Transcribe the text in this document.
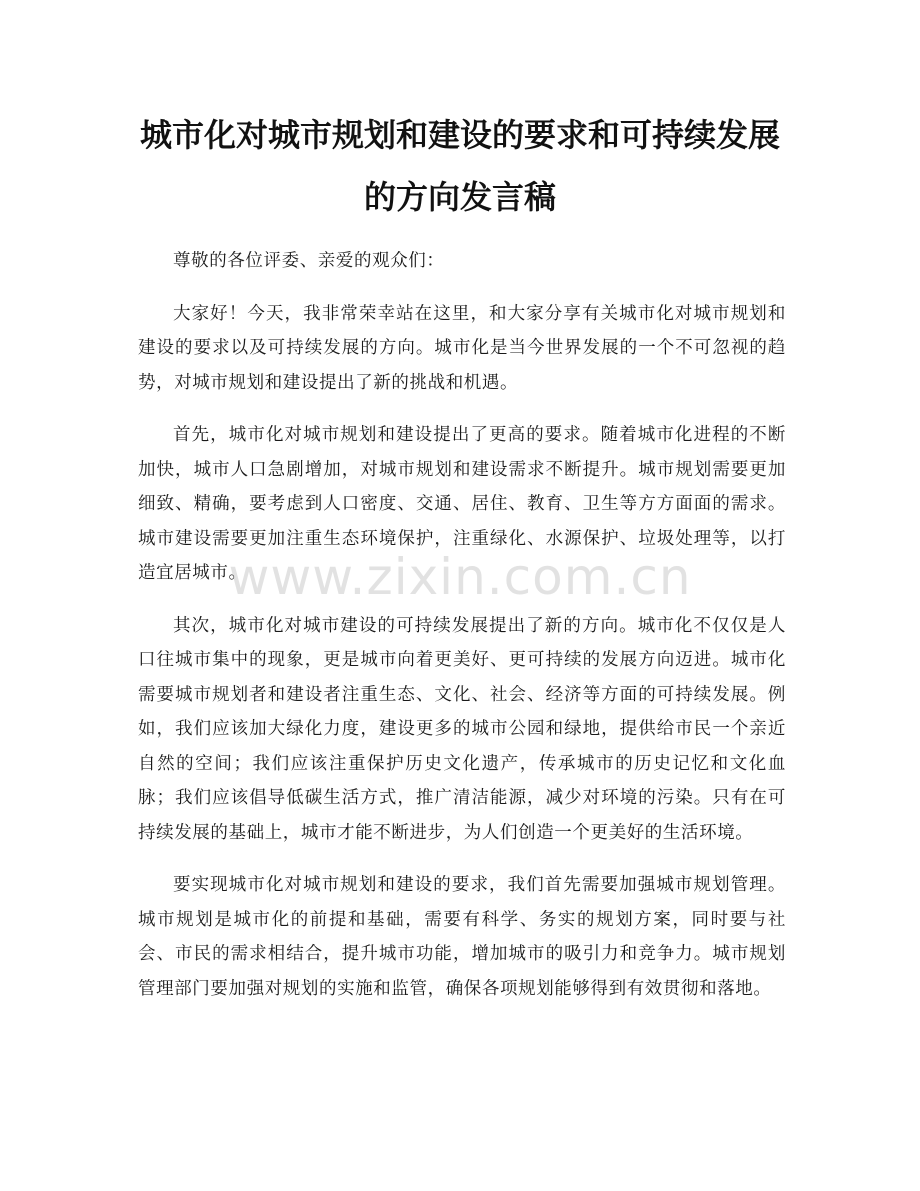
城市化对城市规划和建设的要求和可持续发展的方向发言稿

尊敬的各位评委、亲爱的观众们：

大家好！今天，我非常荣幸站在这里，和大家分享有关城市化对城市规划和建设的要求以及可持续发展的方向。城市化是当今世界发展的一个不可忽视的趋势，对城市规划和建设提出了新的挑战和机遇。

首先，城市化对城市规划和建设提出了更高的要求。随着城市化进程的不断加快，城市人口急剧增加，对城市规划和建设需求不断提升。城市规划需要更加细致、精确，要考虑到人口密度、交通、居住、教育、卫生等方方面面的需求。城市建设需要更加注重生态环境保护，注重绿化、水源保护、垃圾处理等，以打造宜居城市。

其次，城市化对城市建设的可持续发展提出了新的方向。城市化不仅仅是人口往城市集中的现象，更是城市向着更美好、更可持续的发展方向迈进。城市化需要城市规划者和建设者注重生态、文化、社会、经济等方面的可持续发展。例如，我们应该加大绿化力度，建设更多的城市公园和绿地，提供给市民一个亲近自然的空间；我们应该注重保护历史文化遗产，传承城市的历史记忆和文化血脉；我们应该倡导低碳生活方式，推广清洁能源，减少对环境的污染。只有在可持续发展的基础上，城市才能不断进步，为人们创造一个更美好的生活环境。

要实现城市化对城市规划和建设的要求，我们首先需要加强城市规划管理。城市规划是城市化的前提和基础，需要有科学、务实的规划方案，同时要与社会、市民的需求相结合，提升城市功能，增加城市的吸引力和竞争力。城市规划管理部门要加强对规划的实施和监管，确保各项规划能够得到有效贯彻和落地。

www.zixin.com.cn
